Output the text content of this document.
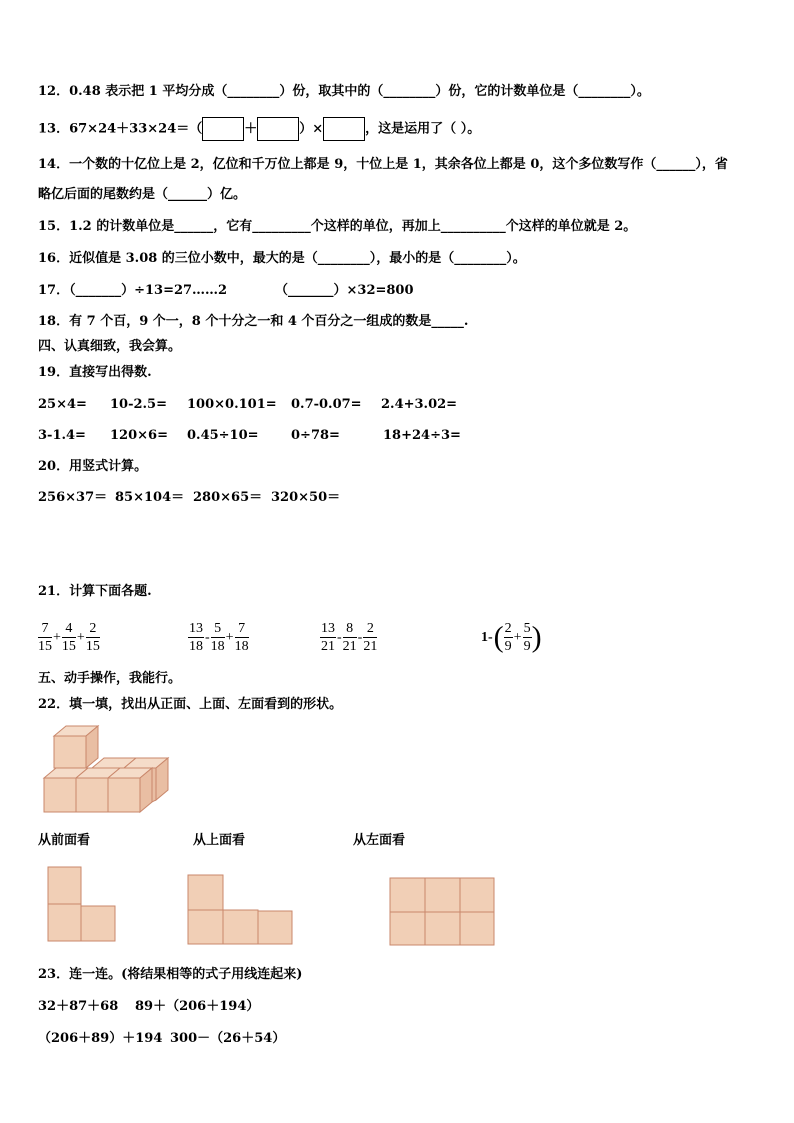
12．0.48 表示把 1 平均分成（________）份，取其中的（________）份，它的计数单位是（________）。
13．67×24＋33×24＝（	＋	）×	，这是运用了（ ）。
14．一个数的十亿位上是 2，亿位和千万位上都是 9，十位上是 1，其余各位上都是 0，这个多位数写作（______），省
略亿后面的尾数约是（______）亿。
15．1.2 的计数单位是______，它有_________个这样的单位，再加上__________个这样的单位就是 2。
16．近似值是 3.08 的三位小数中，最大的是（________），最小的是（________）。
17．（_______）÷13=27……2	（_______）×32=800
18．有 7 个百，9 个一，8 个十分之一和 4 个百分之一组成的数是_____.
四、认真细致，我会算。
19．直接写出得数.
25×4= 10-2.5= 100×0.101= 0.7-0.07= 2.4+3.02=
3-1.4= 120×6= 0.45÷10= 0÷78=	18+24÷3=
20．用竖式计算。
256×37＝ 85×104＝ 280×65＝ 320×50＝
21．计算下面各题.
$\frac{7}{15} + \frac{4}{15} + \frac{2}{15}$	$\frac{13}{18} - \frac{5}{18} + \frac{7}{18}$	$\frac{13}{21} - \frac{8}{21} - \frac{2}{21}$	$1-( \frac{2}{9} + \frac{5}{9}$ )
五、动手操作，我能行。
22．填一填，找出从正面、上面、左面看到的形状。
从前面看	从上面看	从左面看
23．连一连。(将结果相等的式子用线连起来)
32＋87＋68 89＋（206＋194）
（206＋89）＋194 300－（26＋54）
